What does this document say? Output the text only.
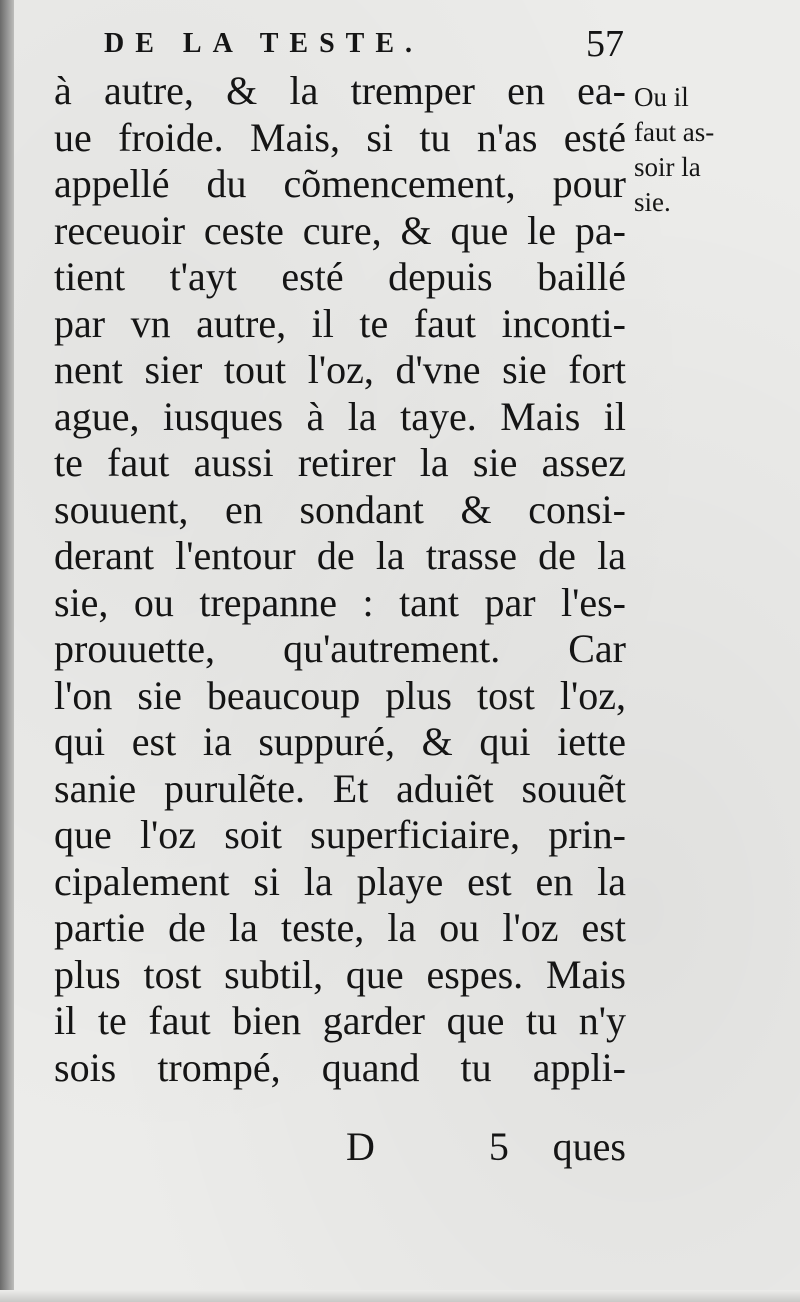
DE LA TESTE.	57
à autre, & la tremper en ea-
ue froide. Mais, si tu n'as esté
appellé du cõmencement, pour
receuoir ceste cure, & que le pa-
tient t'ayt esté depuis baillé
par vn autre, il te faut inconti-
nent sier tout l'oz, d'vne sie fort
ague, iusques à la taye. Mais il
te faut aussi retirer la sie assez
souuent, en sondant & consi-
derant l'entour de la trasse de la
sie, ou trepanne : tant par l'es-
prouuette, qu'autrement. Car
l'on sie beaucoup plus tost l'oz,
qui est ia suppuré, & qui iette
sanie purulẽte. Et aduiẽt souuẽt
que l'oz soit superficiaire, prin-
cipalement si la playe est en la
partie de la teste, la ou l'oz est
plus tost subtil, que espes. Mais
il te faut bien garder que tu n'y
sois trompé, quand tu appli-
D 5
ques
Ou il
faut as-
soir la
sie.
